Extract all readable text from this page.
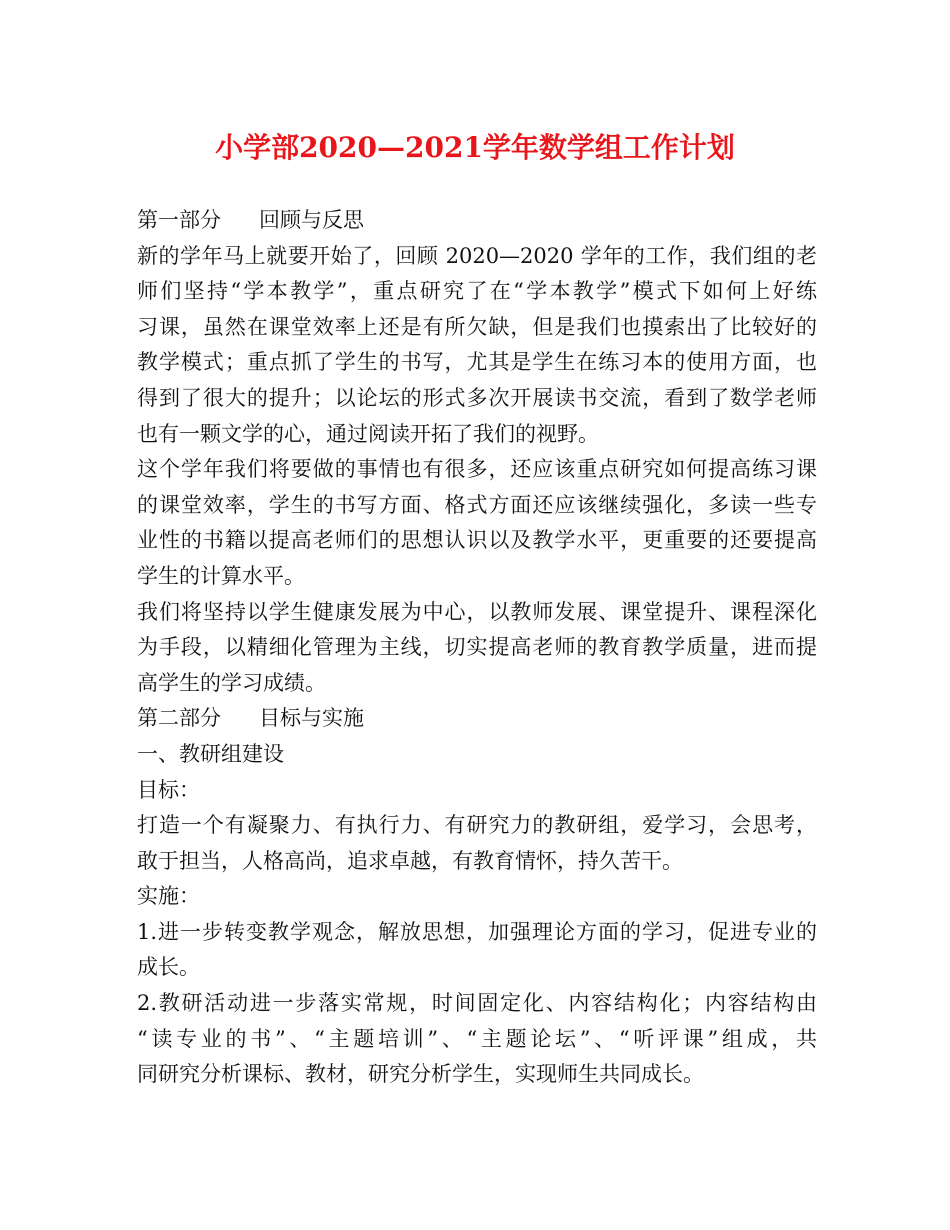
小学部2020—2021学年数学组工作计划
第一部分 回顾与反思
新的学年马上就要开始了，回顾 2020—2020 学年的工作，我们组的老
师们坚持“学本教学”，重点研究了在“学本教学”模式下如何上好练
习课，虽然在课堂效率上还是有所欠缺，但是我们也摸索出了比较好的
教学模式；重点抓了学生的书写，尤其是学生在练习本的使用方面，也
得到了很大的提升；以论坛的形式多次开展读书交流，看到了数学老师
也有一颗文学的心，通过阅读开拓了我们的视野。
这个学年我们将要做的事情也有很多，还应该重点研究如何提高练习课
的课堂效率，学生的书写方面、格式方面还应该继续强化，多读一些专
业性的书籍以提高老师们的思想认识以及教学水平，更重要的还要提高
学生的计算水平。
我们将坚持以学生健康发展为中心，以教师发展、课堂提升、课程深化
为手段，以精细化管理为主线，切实提高老师的教育教学质量，进而提
高学生的学习成绩。
第二部分 目标与实施
一、教研组建设
目标：
打造一个有凝聚力、有执行力、有研究力的教研组，爱学习，会思考，
敢于担当，人格高尚，追求卓越，有教育情怀，持久苦干。
实施：
1.进一步转变教学观念，解放思想，加强理论方面的学习，促进专业的
成长。
2.教研活动进一步落实常规，时间固定化、内容结构化；内容结构由
“读专业的书”、“主题培训”、“主题论坛”、“听评课”组成，共
同研究分析课标、教材，研究分析学生，实现师生共同成长。
